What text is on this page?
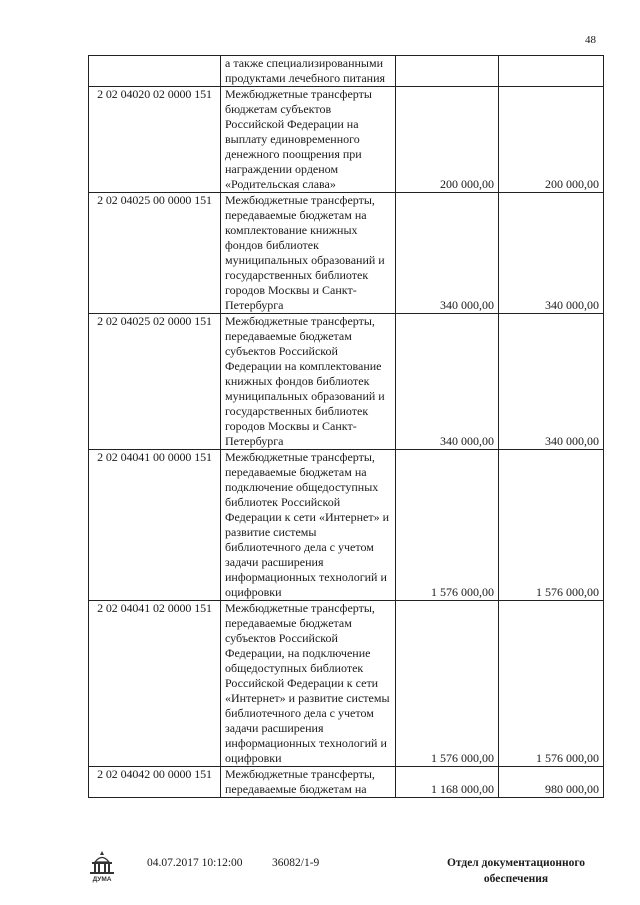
48
	а также специализированными продуктами лечебного питания		
2 02 04020 02 0000 151	Межбюджетные трансферты бюджетам субъектов Российской Федерации на выплату единовременного денежного поощрения при награждении орденом «Родительская слава»	200 000,00	200 000,00
2 02 04025 00 0000 151	Межбюджетные трансферты, передаваемые бюджетам на комплектование книжных фондов библиотек муниципальных образований и государственных библиотек городов Москвы и Санкт-Петербурга	340 000,00	340 000,00
2 02 04025 02 0000 151	Межбюджетные трансферты, передаваемые бюджетам субъектов Российской Федерации на комплектование книжных фондов библиотек муниципальных образований и государственных библиотек городов Москвы и Санкт-Петербурга	340 000,00	340 000,00
2 02 04041 00 0000 151	Межбюджетные трансферты, передаваемые бюджетам на подключение общедоступных библиотек Российской Федерации к сети «Интернет» и развитие системы библиотечного дела с учетом задачи расширения информационных технологий и оцифровки	1 576 000,00	1 576 000,00
2 02 04041 02 0000 151	Межбюджетные трансферты, передаваемые бюджетам субъектов Российской Федерации, на подключение общедоступных библиотек Российской Федерации к сети «Интернет» и развитие системы библиотечного дела с учетом задачи расширения информационных технологий и оцифровки	1 576 000,00	1 576 000,00
2 02 04042 00 0000 151	Межбюджетные трансферты, передаваемые бюджетам на	1 168 000,00	980 000,00
ДУМА
04.07.2017 10:12:00	36082/1-9	Отдел документационного обеспечения
